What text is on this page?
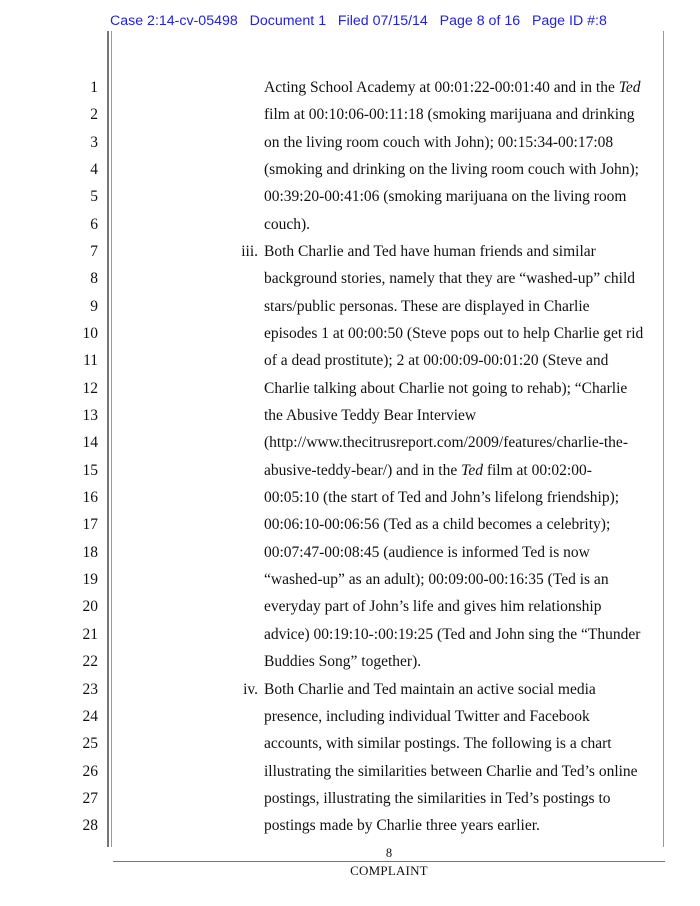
Case 2:14-cv-05498   Document 1   Filed 07/15/14   Page 8 of 16   Page ID #:8
1
2
3
4
5
6
7
8
9
10
11
12
13
14
15
16
17
18
19
20
21
22
23
24
25
26
27
28
iii.
iv.
Acting School Academy at 00:01:22-00:01:40 and in the Ted
film at 00:10:06-00:11:18 (smoking marijuana and drinking
on the living room couch with John); 00:15:34-00:17:08
(smoking and drinking on the living room couch with John);
00:39:20-00:41:06 (smoking marijuana on the living room
couch).
Both Charlie and Ted have human friends and similar
background stories, namely that they are “washed-up” child
stars/public personas. These are displayed in Charlie
episodes 1 at 00:00:50 (Steve pops out to help Charlie get rid
of a dead prostitute); 2 at 00:00:09-00:01:20 (Steve and
Charlie talking about Charlie not going to rehab); “Charlie
the Abusive Teddy Bear Interview
(http://www.thecitrusreport.com/2009/features/charlie-the-
abusive-teddy-bear/) and in the Ted film at 00:02:00-
00:05:10 (the start of Ted and John’s lifelong friendship);
00:06:10-00:06:56 (Ted as a child becomes a celebrity);
00:07:47-00:08:45 (audience is informed Ted is now
“washed-up” as an adult); 00:09:00-00:16:35 (Ted is an
everyday part of John’s life and gives him relationship
advice) 00:19:10-:00:19:25 (Ted and John sing the “Thunder
Buddies Song” together).
Both Charlie and Ted maintain an active social media
presence, including individual Twitter and Facebook
accounts, with similar postings. The following is a chart
illustrating the similarities between Charlie and Ted’s online
postings, illustrating the similarities in Ted’s postings to
postings made by Charlie three years earlier.
8
COMPLAINT
